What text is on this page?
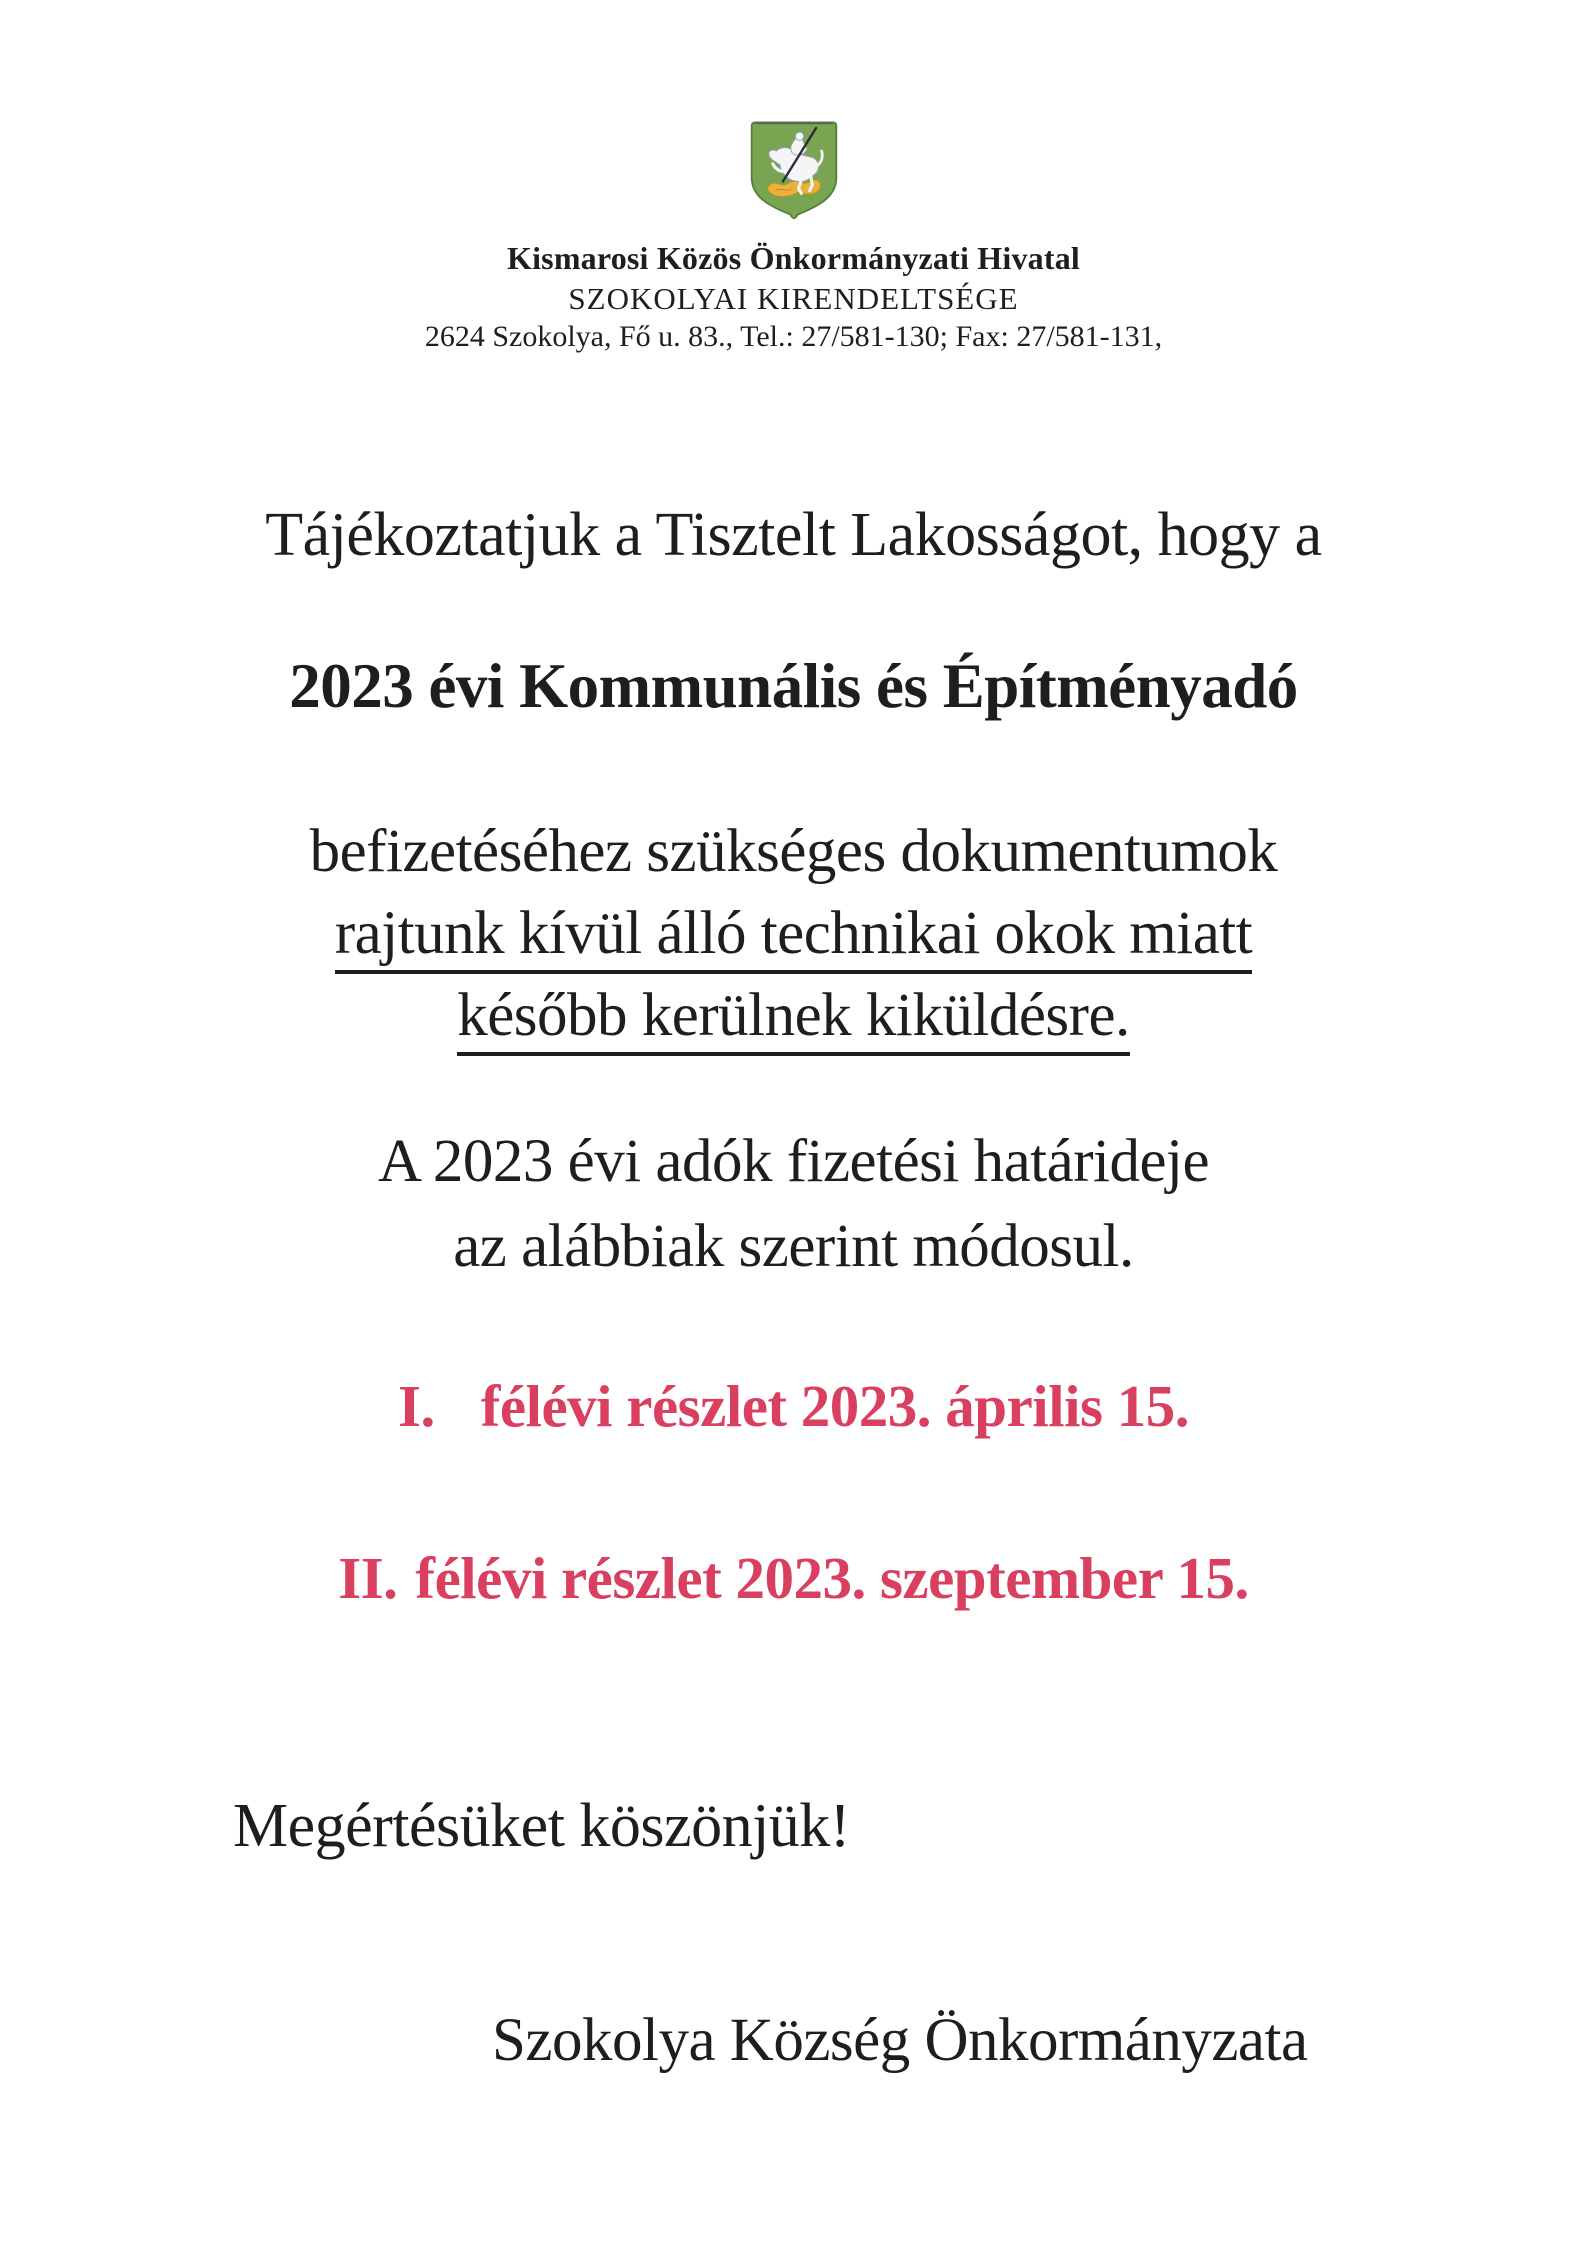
Kismarosi Közös Önkormányzati Hivatal
SZOKOLYAI KIRENDELTSÉGE
2624 Szokolya, Fő u. 83., Tel.: 27/581-130; Fax: 27/581-131,
Tájékoztatjuk a Tisztelt Lakosságot, hogy a
2023 évi Kommunális és Építményadó
befizetéséhez szükséges dokumentumok
rajtunk kívül álló technikai okok miatt
később kerülnek kiküldésre.
A 2023 évi adók fizetési határideje
az alábbiak szerint módosul.
I. félévi részlet 2023. április 15.
II. félévi részlet 2023. szeptember 15.
Megértésüket köszönjük!
Szokolya Község Önkormányzata
